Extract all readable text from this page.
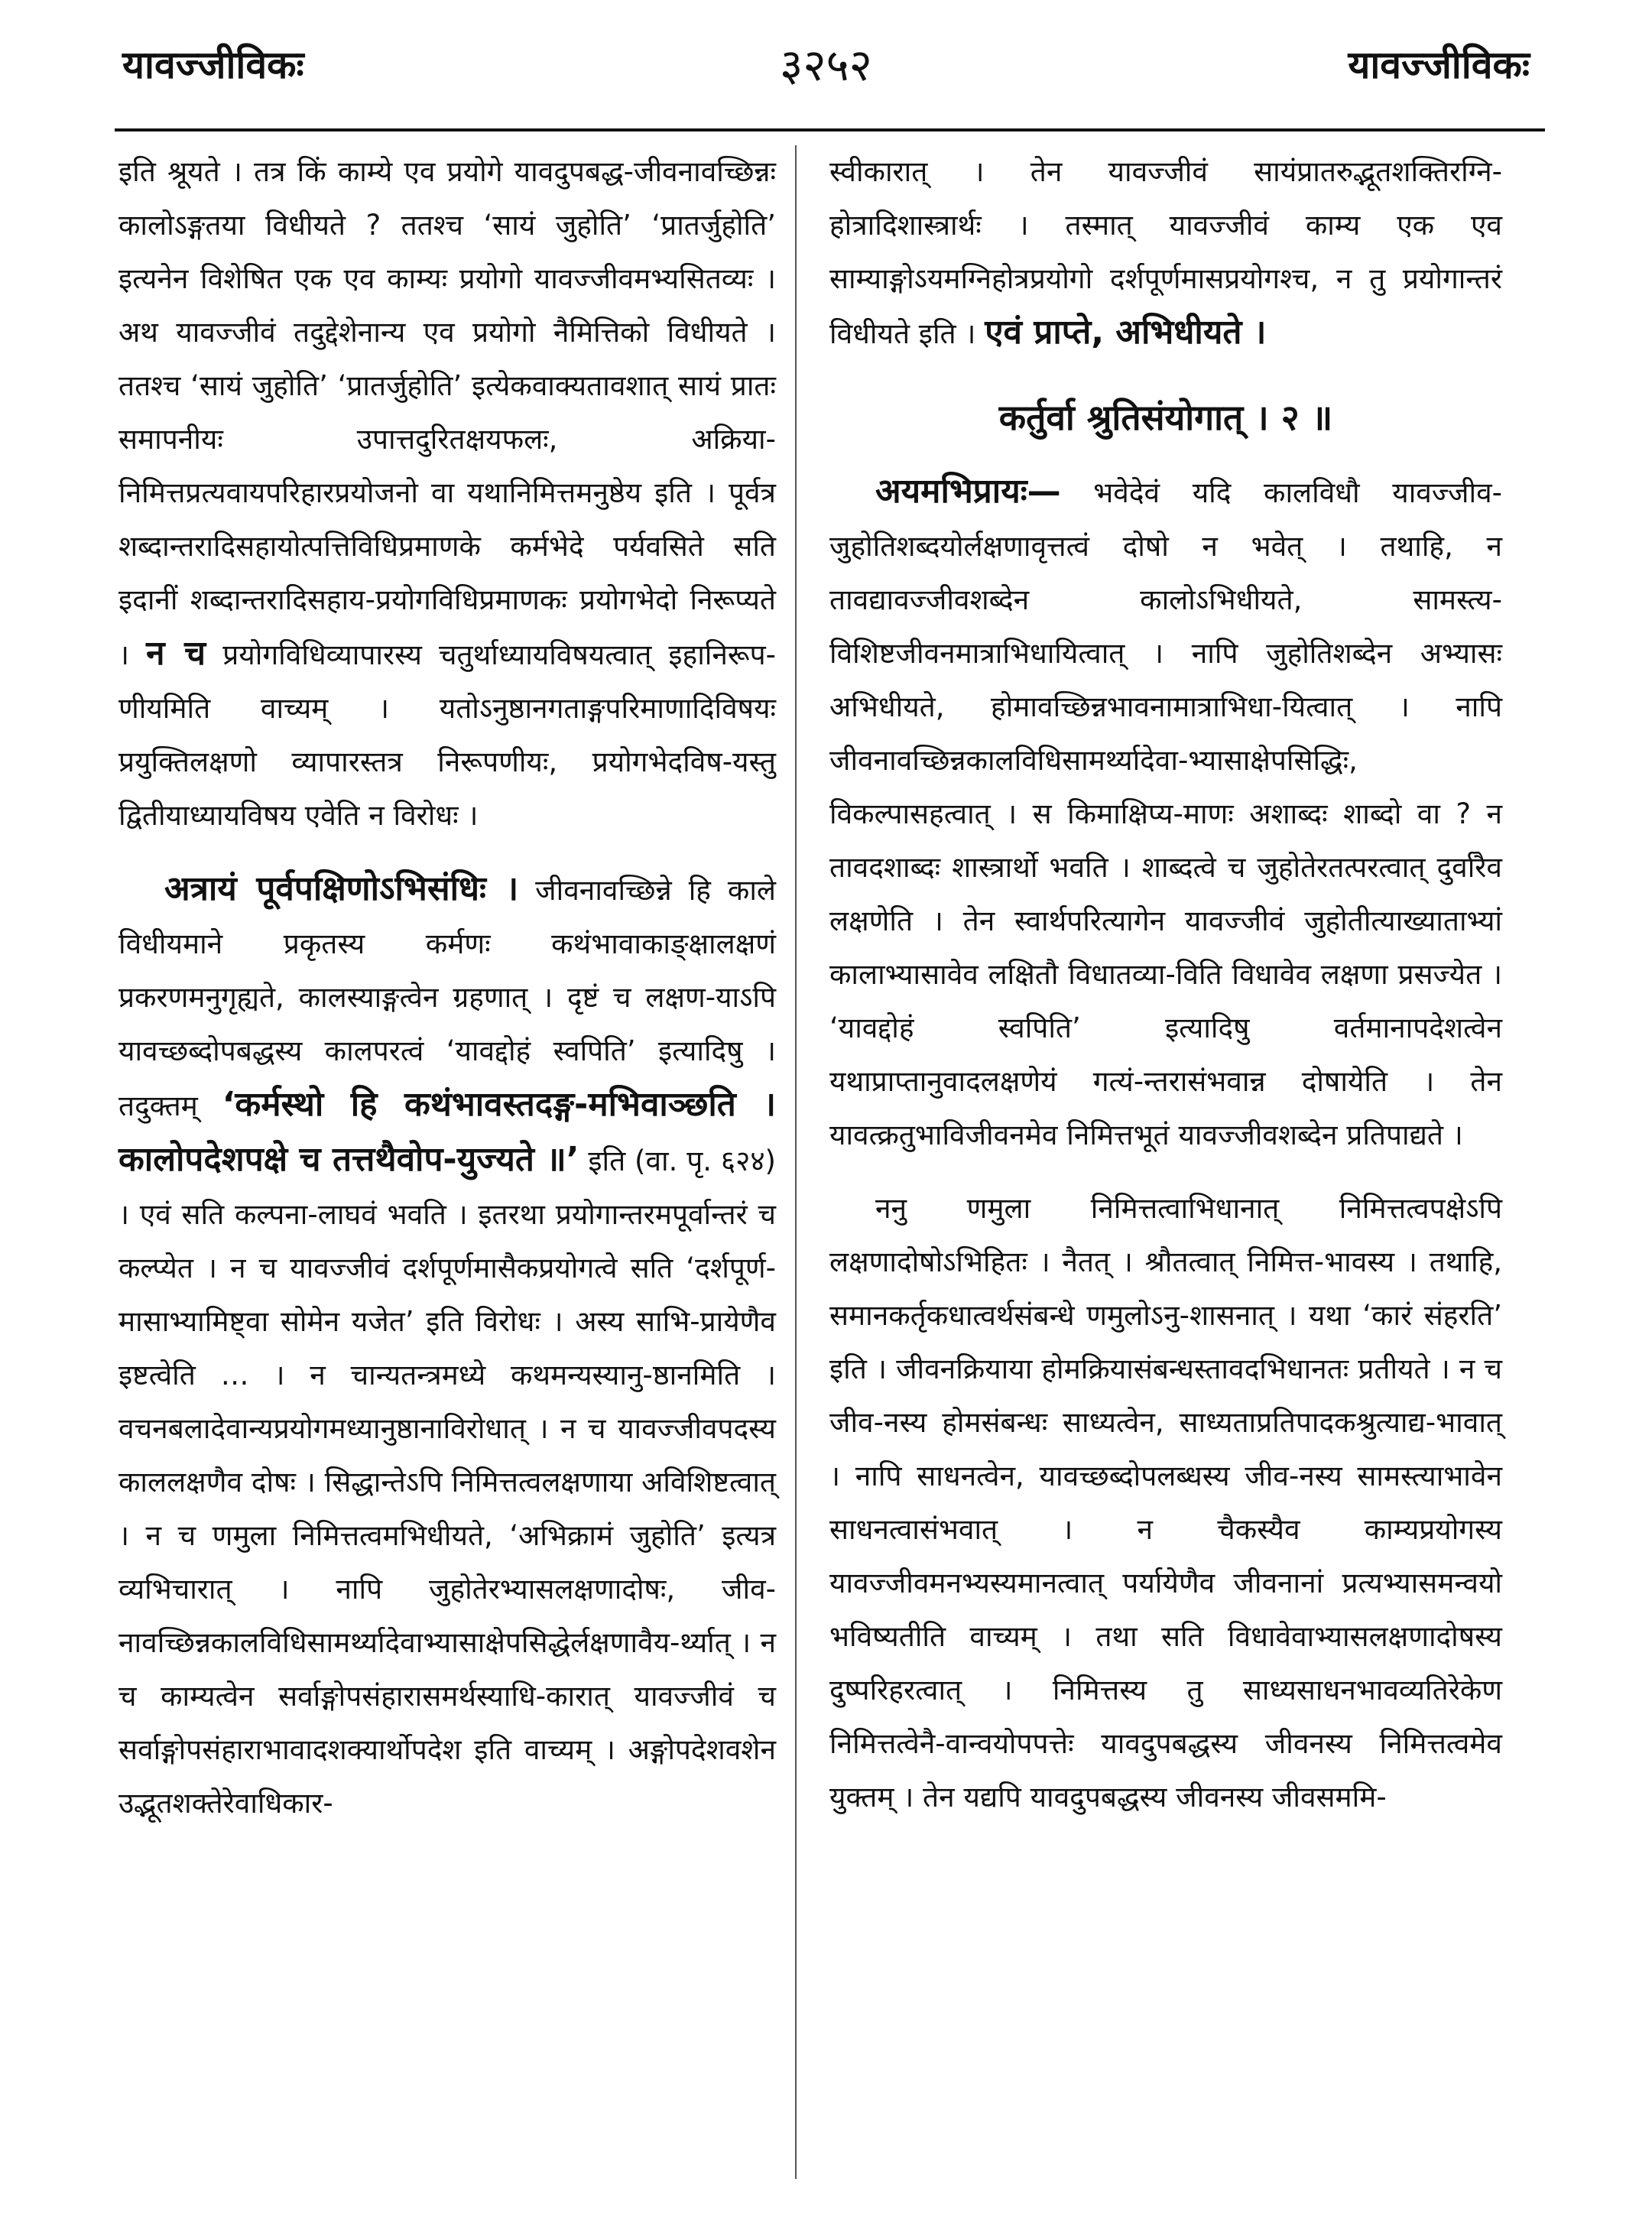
यावज्जीविकः	३२५२	यावज्जीविकः

इति श्रूयते । तत्र किं काम्ये एव प्रयोगे यावदुपबद्ध-जीवनावच्छिन्नः कालोऽङ्गतया विधीयते ? ततश्च ‘सायं जुहोति’ ‘प्रातर्जुहोति’ इत्यनेन विशेषित एक एव काम्यः प्रयोगो यावज्जीवमभ्यसितव्यः । अथ यावज्जीवं तदुद्देशेनान्य एव प्रयोगो नैमित्तिको विधीयते । ततश्च ‘सायं जुहोति’ ‘प्रातर्जुहोति’ इत्येकवाक्यतावशात् सायं प्रातः समापनीयः उपात्तदुरितक्षयफलः, अक्रिया-निमित्तप्रत्यवायपरिहारप्रयोजनो वा यथानिमित्तमनुष्ठेय इति । पूर्वत्र शब्दान्तरादिसहायोत्पत्तिविधिप्रमाणके कर्मभेदे पर्यवसिते सति इदानीं शब्दान्तरादिसहाय-प्रयोगविधिप्रमाणकः प्रयोगभेदो निरूप्यते । न च प्रयोगविधिव्यापारस्य चतुर्थाध्यायविषयत्वात् इहानिरूप-णीयमिति वाच्यम् । यतोऽनुष्ठानगताङ्गपरिमाणादिविषयः प्रयुक्तिलक्षणो व्यापारस्तत्र निरूपणीयः, प्रयोगभेदविष-यस्तु द्वितीयाध्यायविषय एवेति न विरोधः ।

अत्रायं पूर्वपक्षिणोऽभिसंधिः । जीवनावच्छिन्ने हि काले विधीयमाने प्रकृतस्य कर्मणः कथंभावाकाङ्क्षालक्षणं प्रकरणमनुगृह्यते, कालस्याङ्गत्वेन ग्रहणात् । दृष्टं च लक्षण-याऽपि यावच्छब्दोपबद्धस्य कालपरत्वं ‘यावद्दोहं स्वपिति’ इत्यादिषु । तदुक्तम् ‘कर्मस्थो हि कथंभावस्तदङ्ग-मभिवाञ्छति । कालोपदेशपक्षे च तत्तथैवोप-युज्यते ॥’ इति (वा. पृ. ६२४) । एवं सति कल्पना-लाघवं भवति । इतरथा प्रयोगान्तरमपूर्वान्तरं च कल्प्येत । न च यावज्जीवं दर्शपूर्णमासैकप्रयोगत्वे सति ‘दर्शपूर्ण-मासाभ्यामिष्ट्वा सोमेन यजेत’ इति विरोधः । अस्य साभि-प्रायेणैव इष्टत्वेति … । न चान्यतन्त्रमध्ये कथमन्यस्यानु-ष्ठानमिति । वचनबलादेवान्यप्रयोगमध्यानुष्ठानाविरोधात् । न च यावज्जीवपदस्य काललक्षणैव दोषः । सिद्धान्तेऽपि निमित्तत्वलक्षणाया अविशिष्टत्वात् । न च णमुला निमित्तत्वमभिधीयते, ‘अभिक्रामं जुहोति’ इत्यत्र व्यभिचारात् । नापि जुहोतेरभ्यासलक्षणादोषः, जीव-नावच्छिन्नकालविधिसामर्थ्यादेवाभ्यासाक्षेपसिद्धेर्लक्षणावैय-र्थ्यात् । न च काम्यत्वेन सर्वाङ्गोपसंहारासमर्थस्याधि-कारात् यावज्जीवं च सर्वाङ्गोपसंहाराभावादशक्यार्थोपदेश इति वाच्यम् । अङ्गोपदेशवशेन उद्भूतशक्तेरेवाधिकार-

स्वीकारात् । तेन यावज्जीवं सायंप्रातरुद्भूतशक्तिरग्नि-होत्रादिशास्त्रार्थः । तस्मात् यावज्जीवं काम्य एक एव साम्याङ्गोऽयमग्निहोत्रप्रयोगो दर्शपूर्णमासप्रयोगश्च, न तु प्रयोगान्तरं विधीयते इति । एवं प्राप्ते, अभिधीयते ।

कर्तुर्वा श्रुतिसंयोगात् । २ ॥

अयमभिप्रायः— भवेदेवं यदि कालविधौ यावज्जीव-जुहोतिशब्दयोर्लक्षणावृत्तत्वं दोषो न भवेत् । तथाहि, न तावद्यावज्जीवशब्देन कालोऽभिधीयते, सामस्त्य-विशिष्टजीवनमात्राभिधायित्वात् । नापि जुहोतिशब्देन अभ्यासः अभिधीयते, होमावच्छिन्नभावनामात्राभिधा-यित्वात् । नापि जीवनावच्छिन्नकालविधिसामर्थ्यादेवा-भ्यासाक्षेपसिद्धिः, विकल्पासहत्वात् । स किमाक्षिप्य-माणः अशाब्दः शाब्दो वा ? न तावदशाब्दः शास्त्रार्थो भवति । शाब्दत्वे च जुहोतेरतत्परत्वात् दुर्वारैव लक्षणेति । तेन स्वार्थपरित्यागेन यावज्जीवं जुहोतीत्याख्याताभ्यां कालाभ्यासावेव लक्षितौ विधातव्या-विति विधावेव लक्षणा प्रसज्येत । ‘यावद्दोहं स्वपिति’ इत्यादिषु वर्तमानापदेशत्वेन यथाप्राप्तानुवादलक्षणेयं गत्यं-न्तरासंभवान्न दोषायेति । तेन यावत्क्रतुभाविजीवनमेव निमित्तभूतं यावज्जीवशब्देन प्रतिपाद्यते ।

ननु णमुला निमित्तत्वाभिधानात् निमित्तत्वपक्षेऽपि लक्षणादोषोऽभिहितः । नैतत् । श्रौतत्वात् निमित्त-भावस्य । तथाहि, समानकर्तृकधात्वर्थसंबन्धे णमुलोऽनु-शासनात् । यथा ‘कारं संहरति’ इति । जीवनक्रियाया होमक्रियासंबन्धस्तावदभिधानतः प्रतीयते । न च जीव-नस्य होमसंबन्धः साध्यत्वेन, साध्यताप्रतिपादकश्रुत्याद्य-भावात् । नापि साधनत्वेन, यावच्छब्दोपलब्धस्य जीव-नस्य सामस्त्याभावेन साधनत्वासंभवात् । न चैकस्यैव काम्यप्रयोगस्य यावज्जीवमनभ्यस्यमानत्वात् पर्यायेणैव जीवनानां प्रत्यभ्यासमन्वयो भविष्यतीति वाच्यम् । तथा सति विधावेवाभ्यासलक्षणादोषस्य दुष्परिहरत्वात् । निमित्तस्य तु साध्यसाधनभावव्यतिरेकेण निमित्तत्वेनै-वान्वयोपपत्तेः यावदुपबद्धस्य जीवनस्य निमित्तत्वमेव युक्तम् । तेन यद्यपि यावदुपबद्धस्य जीवनस्य जीवसममि-
